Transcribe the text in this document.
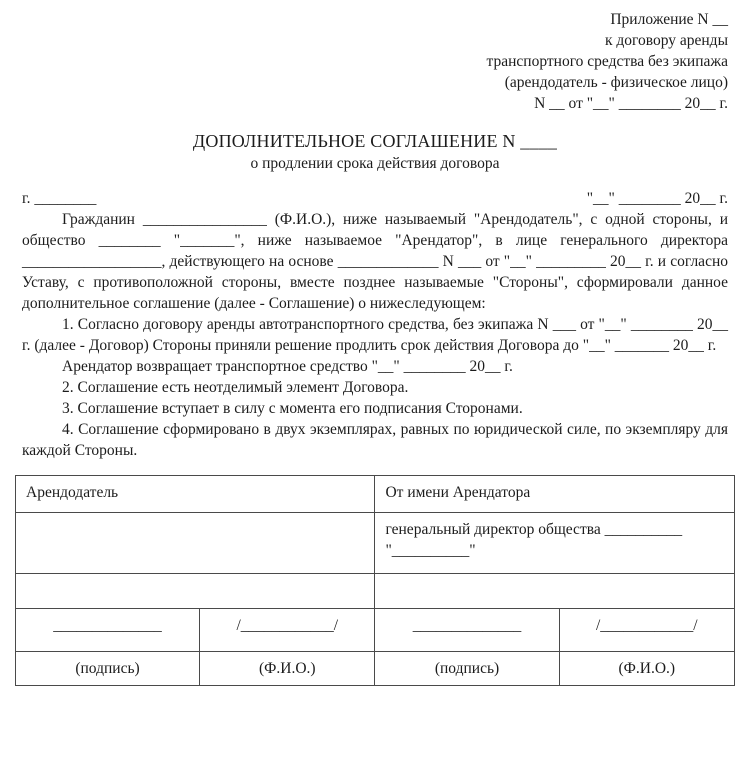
Приложение N __
к договору аренды
транспортного средства без экипажа
(арендодатель - физическое лицо)
N __ от "__" ________ 20__ г.
ДОПОЛНИТЕЛЬНОЕ СОГЛАШЕНИЕ N ____
о продлении срока действия договора
г. ________	"__" ________ 20__ г.

Гражданин ________________ (Ф.И.О.), ниже называемый "Арендодатель", с одной стороны, и общество ________ "_______", ниже называемое "Арендатор", в лице генерального директора __________________, действующего на основе _____________ N ___ от "__" _________ 20__ г. и согласно Уставу, с противоположной стороны, вместе позднее называемые "Стороны", сформировали данное дополнительное соглашение (далее - Соглашение) о нижеследующем:

1. Согласно договору аренды автотранспортного средства, без экипажа N ___ от "__" ________ 20__ г. (далее - Договор) Стороны приняли решение продлить срок действия Договора до "__" _______ 20__ г.

Арендатор возвращает транспортное средство "__" ________ 20__ г.

2. Соглашение есть неотделимый элемент Договора.

3. Соглашение вступает в силу с момента его подписания Сторонами.

4. Соглашение сформировано в двух экземплярах, равных по юридической силе, по экземпляру для каждой Стороны.

Арендодатель		От имени Арендатора	

		генеральный директор общества __________
"__________"	

______________	/____________/	______________	/____________/
(подпись)	(Ф.И.О.)	(подпись)	(Ф.И.О.)
